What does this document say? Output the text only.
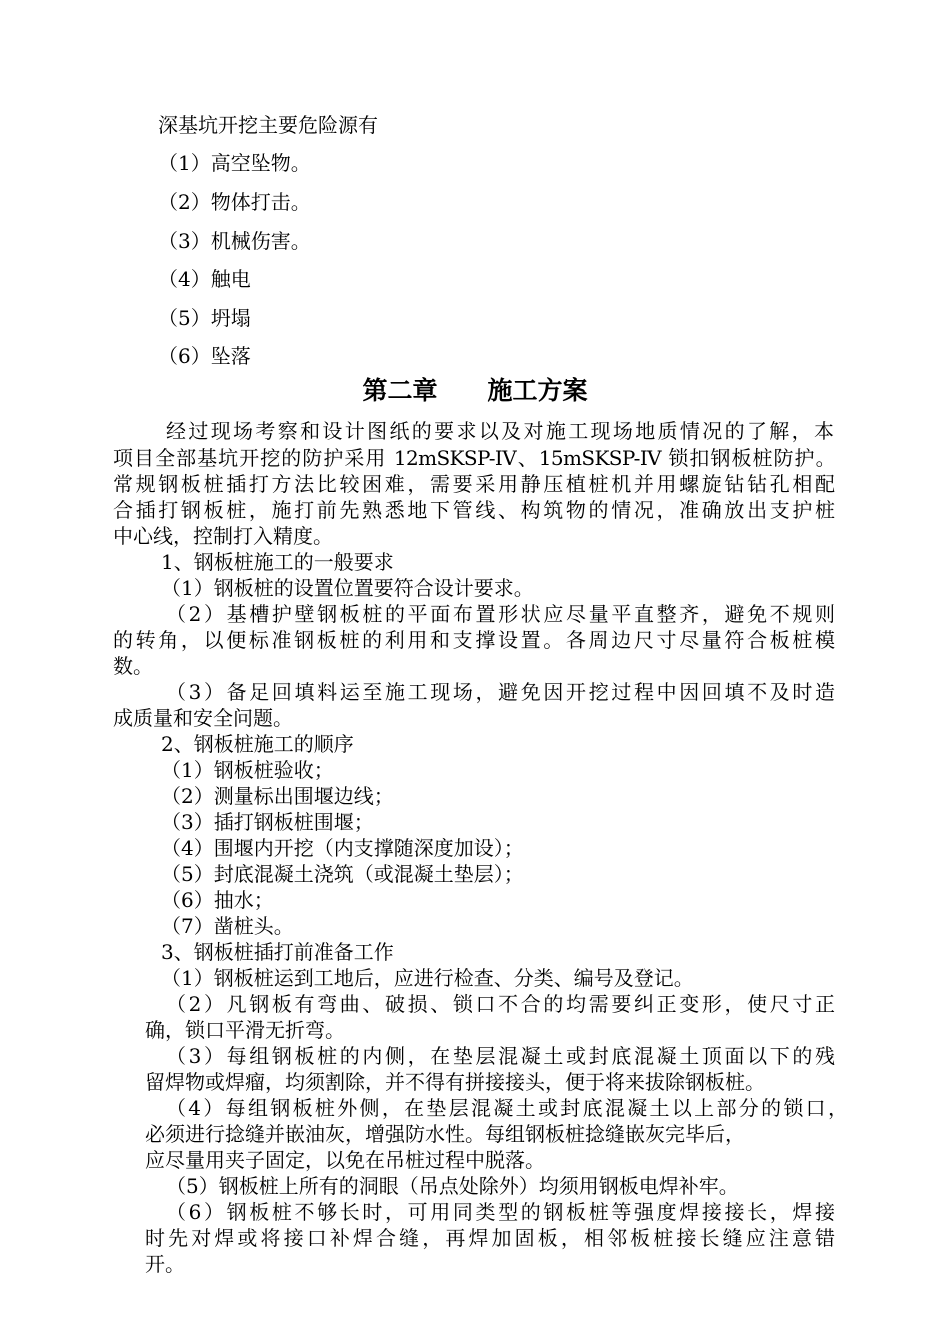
深基坑开挖主要危险源有
（1）高空坠物。
（2）物体打击。
（3）机械伤害。
（4）触电
（5）坍塌
（6）坠落
第二章　　施工方案
经过现场考察和设计图纸的要求以及对施工现场地质情况的了解，本
项目全部基坑开挖的防护采用 12mSKSP-IV、15mSKSP-IV 锁扣钢板桩防护。
常规钢板桩插打方法比较困难，需要采用静压植桩机并用螺旋钻钻孔相配
合插打钢板桩，施打前先熟悉地下管线、构筑物的情况，准确放出支护桩
中心线，控制打入精度。
1、钢板桩施工的一般要求
（1）钢板桩的设置位置要符合设计要求。
（2）基槽护壁钢板桩的平面布置形状应尽量平直整齐，避免不规则
的转角，以便标准钢板桩的利用和支撑设置。各周边尺寸尽量符合板桩模
数。
（3）备足回填料运至施工现场，避免因开挖过程中因回填不及时造
成质量和安全问题。
2、钢板桩施工的顺序
（1）钢板桩验收；
（2）测量标出围堰边线；
（3）插打钢板桩围堰；
（4）围堰内开挖（内支撑随深度加设）；
（5）封底混凝土浇筑（或混凝土垫层）；
（6）抽水；
（7）凿桩头。
3、钢板桩插打前准备工作
（1）钢板桩运到工地后，应进行检查、分类、编号及登记。
（2）凡钢板有弯曲、破损、锁口不合的均需要纠正变形，使尺寸正
确，锁口平滑无折弯。
（3）每组钢板桩的内侧，在垫层混凝土或封底混凝土顶面以下的残
留焊物或焊瘤，均须割除，并不得有拼接接头，便于将来拔除钢板桩。
（4）每组钢板桩外侧，在垫层混凝土或封底混凝土以上部分的锁口，
必须进行捻缝并嵌油灰，增强防水性。每组钢板桩捻缝嵌灰完毕后，
应尽量用夹子固定，以免在吊桩过程中脱落。
（5）钢板桩上所有的洞眼（吊点处除外）均须用钢板电焊补牢。
（6）钢板桩不够长时，可用同类型的钢板桩等强度焊接接长，焊接
时先对焊或将接口补焊合缝，再焊加固板，相邻板桩接长缝应注意错
开。
